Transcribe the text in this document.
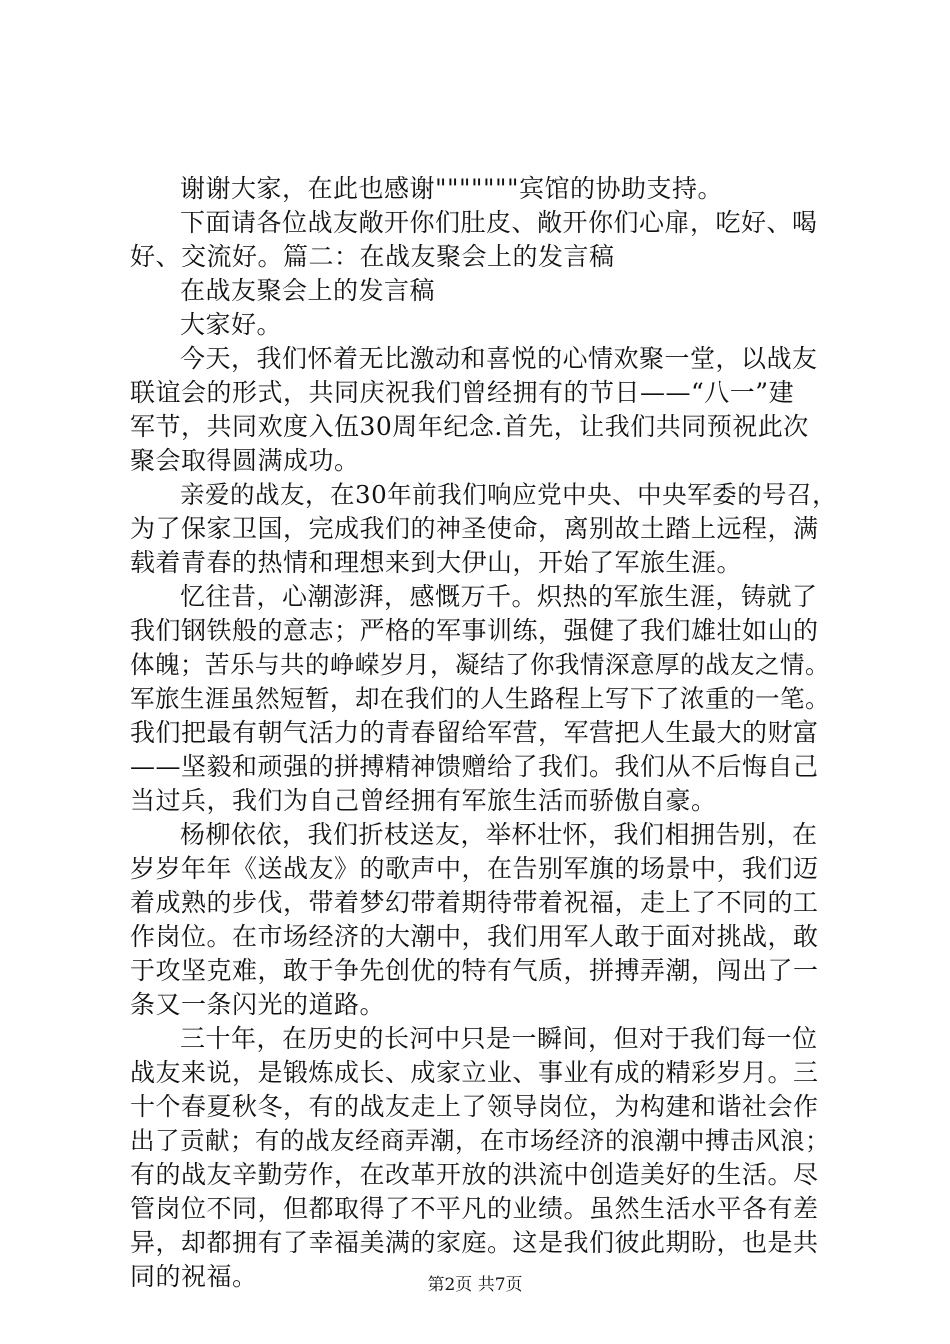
谢谢大家，在此也感谢"""""""宾馆的协助支持。
下面请各位战友敞开你们肚皮、敞开你们心扉，吃好、喝
好、交流好。篇二：在战友聚会上的发言稿
在战友聚会上的发言稿
大家好。
今天，我们怀着无比激动和喜悦的心情欢聚一堂，以战友
联谊会的形式，共同庆祝我们曾经拥有的节日——“八一”建
军节，共同欢度入伍30周年纪念.首先，让我们共同预祝此次
聚会取得圆满成功。
亲爱的战友，在30年前我们响应党中央、中央军委的号召，
为了保家卫国，完成我们的神圣使命，离别故土踏上远程，满
载着青春的热情和理想来到大伊山，开始了军旅生涯。
忆往昔，心潮澎湃，感慨万千。炽热的军旅生涯，铸就了
我们钢铁般的意志；严格的军事训练，强健了我们雄壮如山的
体魄；苦乐与共的峥嵘岁月，凝结了你我情深意厚的战友之情。
军旅生涯虽然短暂，却在我们的人生路程上写下了浓重的一笔。
我们把最有朝气活力的青春留给军营，军营把人生最大的财富
——坚毅和顽强的拼搏精神馈赠给了我们。我们从不后悔自己
当过兵，我们为自己曾经拥有军旅生活而骄傲自豪。
杨柳依依，我们折枝送友，举杯壮怀，我们相拥告别，在
岁岁年年《送战友》的歌声中，在告别军旗的场景中，我们迈
着成熟的步伐，带着梦幻带着期待带着祝福，走上了不同的工
作岗位。在市场经济的大潮中，我们用军人敢于面对挑战，敢
于攻坚克难，敢于争先创优的特有气质，拼搏弄潮，闯出了一
条又一条闪光的道路。
三十年，在历史的长河中只是一瞬间，但对于我们每一位
战友来说，是锻炼成长、成家立业、事业有成的精彩岁月。三
十个春夏秋冬，有的战友走上了领导岗位，为构建和谐社会作
出了贡献；有的战友经商弄潮，在市场经济的浪潮中搏击风浪；
有的战友辛勤劳作，在改革开放的洪流中创造美好的生活。尽
管岗位不同，但都取得了不平凡的业绩。虽然生活水平各有差
异，却都拥有了幸福美满的家庭。这是我们彼此期盼，也是共
同的祝福。	第2页 共7页
